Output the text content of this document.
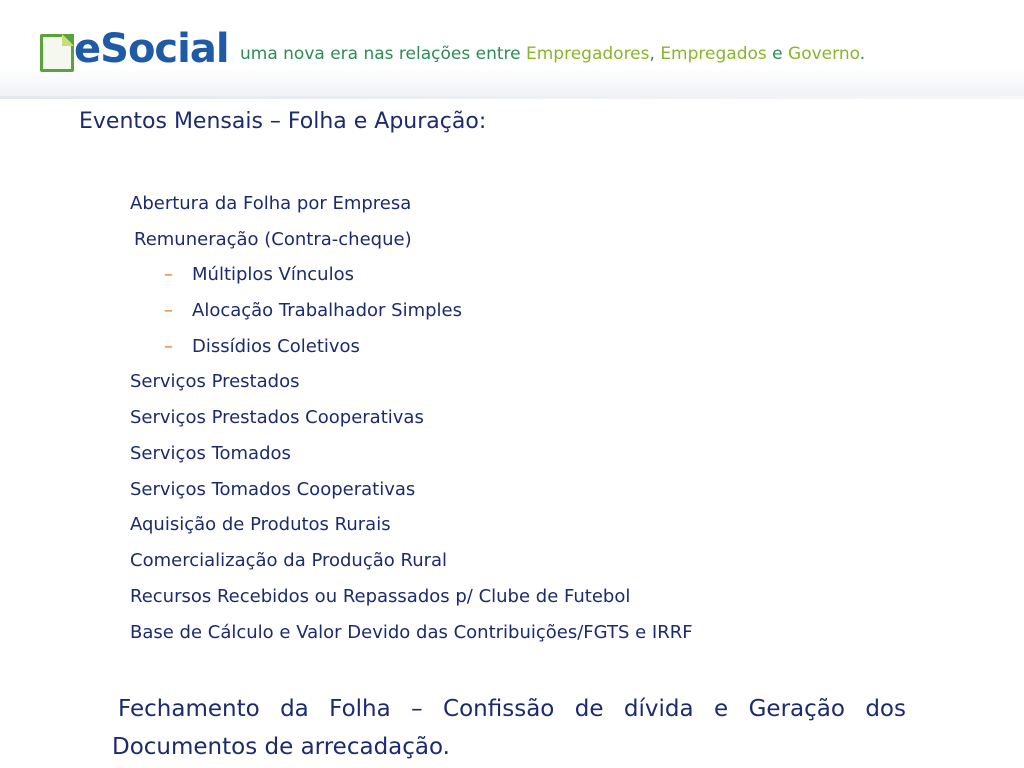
eSocial uma nova era nas relações entre Empregadores, Empregados e Governo.
Eventos Mensais – Folha e Apuração:
Abertura da Folha por Empresa
Remuneração (Contra-cheque)
– Múltiplos Vínculos
– Alocação Trabalhador Simples
– Dissídios Coletivos
Serviços Prestados
Serviços Prestados Cooperativas
Serviços Tomados
Serviços Tomados Cooperativas
Aquisição de Produtos Rurais
Comercialização da Produção Rural
Recursos Recebidos ou Repassados p/ Clube de Futebol
Base de Cálculo e Valor Devido das Contribuições/FGTS e IRRF
Fechamento da Folha – Confissão de dívida e Geração dos
Documentos de arrecadação.
